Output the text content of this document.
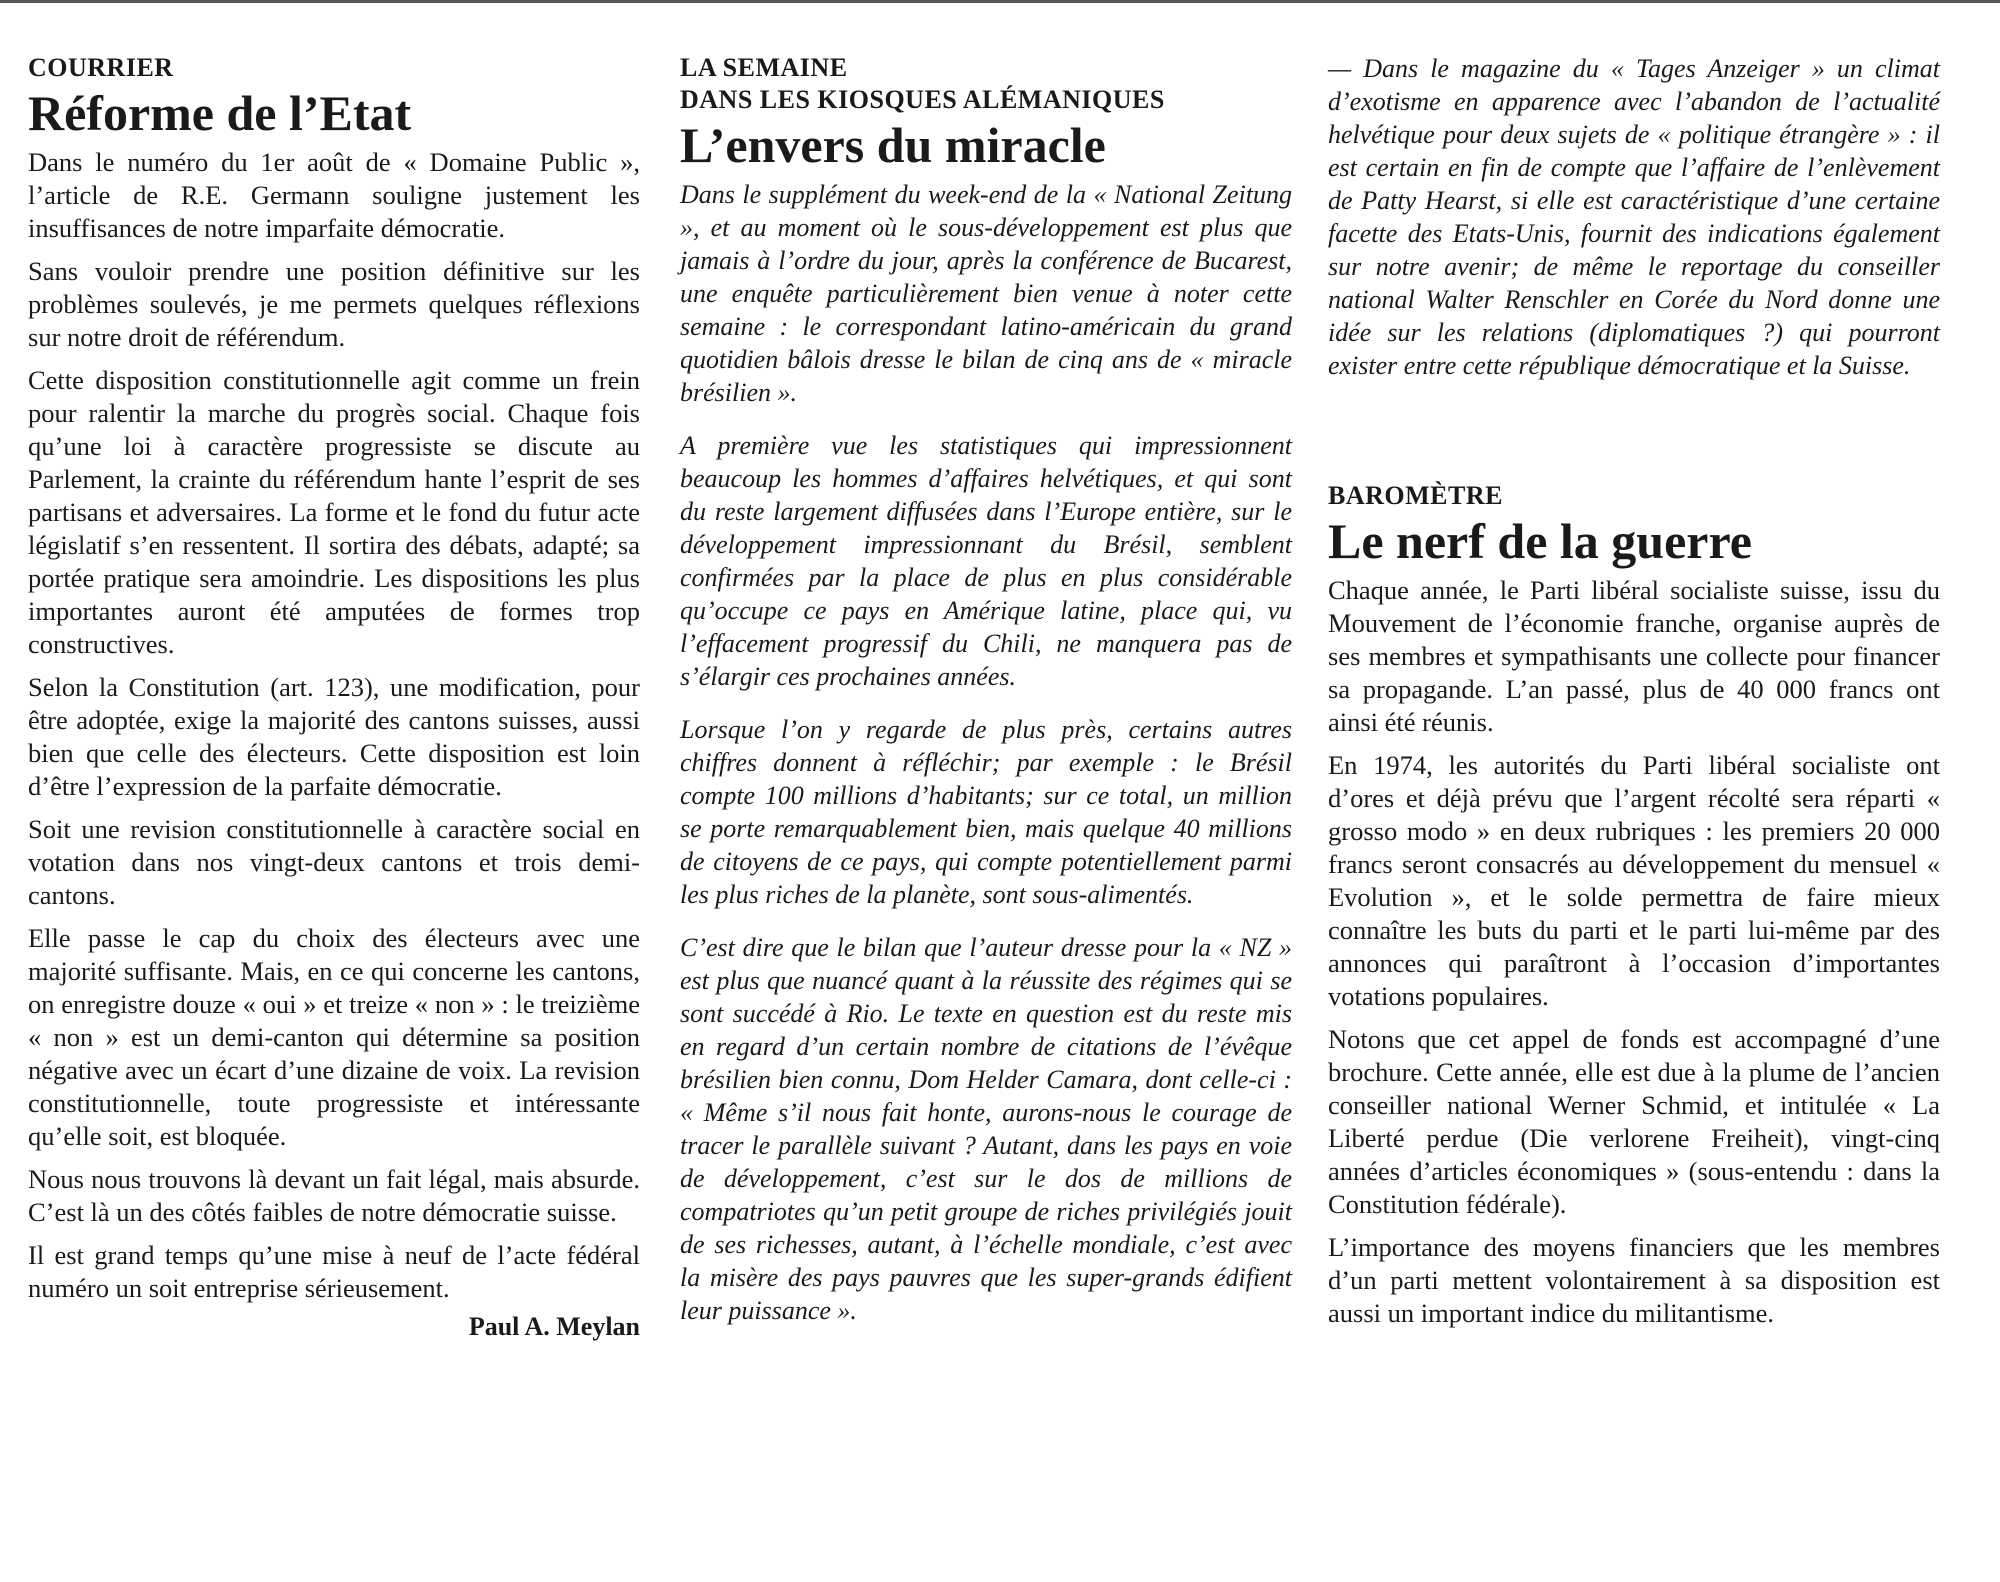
COURRIER
Réforme de l’Etat

Dans le numéro du 1er août de « Domaine Public », l’article de R.E. Germann souligne justement les insuffisances de notre imparfaite démocratie.

Sans vouloir prendre une position définitive sur les problèmes soulevés, je me permets quelques réflexions sur notre droit de référendum.

Cette disposition constitutionnelle agit comme un frein pour ralentir la marche du progrès social. Chaque fois qu’une loi à caractère progressiste se discute au Parlement, la crainte du référendum hante l’esprit de ses partisans et adversaires. La forme et le fond du futur acte législatif s’en ressentent. Il sortira des débats, adapté; sa portée pratique sera amoindrie. Les dispositions les plus importantes auront été amputées de formes trop constructives.

Selon la Constitution (art. 123), une modification, pour être adoptée, exige la majorité des cantons suisses, aussi bien que celle des électeurs. Cette disposition est loin d’être l’expression de la parfaite démocratie.

Soit une revision constitutionnelle à caractère social en votation dans nos vingt-deux cantons et trois demi-cantons.

Elle passe le cap du choix des électeurs avec une majorité suffisante. Mais, en ce qui concerne les cantons, on enregistre douze « oui » et treize « non » : le treizième « non » est un demi-canton qui détermine sa position négative avec un écart d’une dizaine de voix. La revision constitutionnelle, toute progressiste et intéressante qu’elle soit, est bloquée.

Nous nous trouvons là devant un fait légal, mais absurde. C’est là un des côtés faibles de notre démocratie suisse.

Il est grand temps qu’une mise à neuf de l’acte fédéral numéro un soit entreprise sérieusement.

Paul A. Meylan
LA SEMAINE
DANS LES KIOSQUES ALÉMANIQUES
L’envers du miracle

Dans le supplément du week-end de la « National Zeitung », et au moment où le sous-développement est plus que jamais à l’ordre du jour, après la conférence de Bucarest, une enquête particulièrement bien venue à noter cette semaine : le correspondant latino-américain du grand quotidien bâlois dresse le bilan de cinq ans de « miracle brésilien ».

A première vue les statistiques qui impressionnent beaucoup les hommes d’affaires helvétiques, et qui sont du reste largement diffusées dans l’Europe entière, sur le développement impressionnant du Brésil, semblent confirmées par la place de plus en plus considérable qu’occupe ce pays en Amérique latine, place qui, vu l’effacement progressif du Chili, ne manquera pas de s’élargir ces prochaines années.

Lorsque l’on y regarde de plus près, certains autres chiffres donnent à réfléchir; par exemple : le Brésil compte 100 millions d’habitants; sur ce total, un million se porte remarquablement bien, mais quelque 40 millions de citoyens de ce pays, qui compte potentiellement parmi les plus riches de la planète, sont sous-alimentés.

C’est dire que le bilan que l’auteur dresse pour la « NZ » est plus que nuancé quant à la réussite des régimes qui se sont succédé à Rio. Le texte en question est du reste mis en regard d’un certain nombre de citations de l’évêque brésilien bien connu, Dom Helder Camara, dont celle-ci : « Même s’il nous fait honte, aurons-nous le courage de tracer le parallèle suivant ? Autant, dans les pays en voie de développement, c’est sur le dos de millions de compatriotes qu’un petit groupe de riches privilégiés jouit de ses richesses, autant, à l’échelle mondiale, c’est avec la misère des pays pauvres que les super-grands édifient leur puissance ».

— Dans le magazine du « Tages Anzeiger » un climat d’exotisme en apparence avec l’abandon de l’actualité helvétique pour deux sujets de « politique étrangère » : il est certain en fin de compte que l’affaire de l’enlèvement de Patty Hearst, si elle est caractéristique d’une certaine facette des Etats-Unis, fournit des indications également sur notre avenir; de même le reportage du conseiller national Walter Renschler en Corée du Nord donne une idée sur les relations (diplomatiques ?) qui pourront exister entre cette république démocratique et la Suisse.

BAROMÈTRE
Le nerf de la guerre

Chaque année, le Parti libéral socialiste suisse, issu du Mouvement de l’économie franche, organise auprès de ses membres et sympathisants une collecte pour financer sa propagande. L’an passé, plus de 40 000 francs ont ainsi été réunis.

En 1974, les autorités du Parti libéral socialiste ont d’ores et déjà prévu que l’argent récolté sera réparti « grosso modo » en deux rubriques : les premiers 20 000 francs seront consacrés au développement du mensuel « Evolution », et le solde permettra de faire mieux connaître les buts du parti et le parti lui-même par des annonces qui paraîtront à l’occasion d’importantes votations populaires.

Notons que cet appel de fonds est accompagné d’une brochure. Cette année, elle est due à la plume de l’ancien conseiller national Werner Schmid, et intitulée « La Liberté perdue (Die verlorene Freiheit), vingt-cinq années d’articles économiques » (sous-entendu : dans la Constitution fédérale).

L’importance des moyens financiers que les membres d’un parti mettent volontairement à sa disposition est aussi un important indice du militantisme.
